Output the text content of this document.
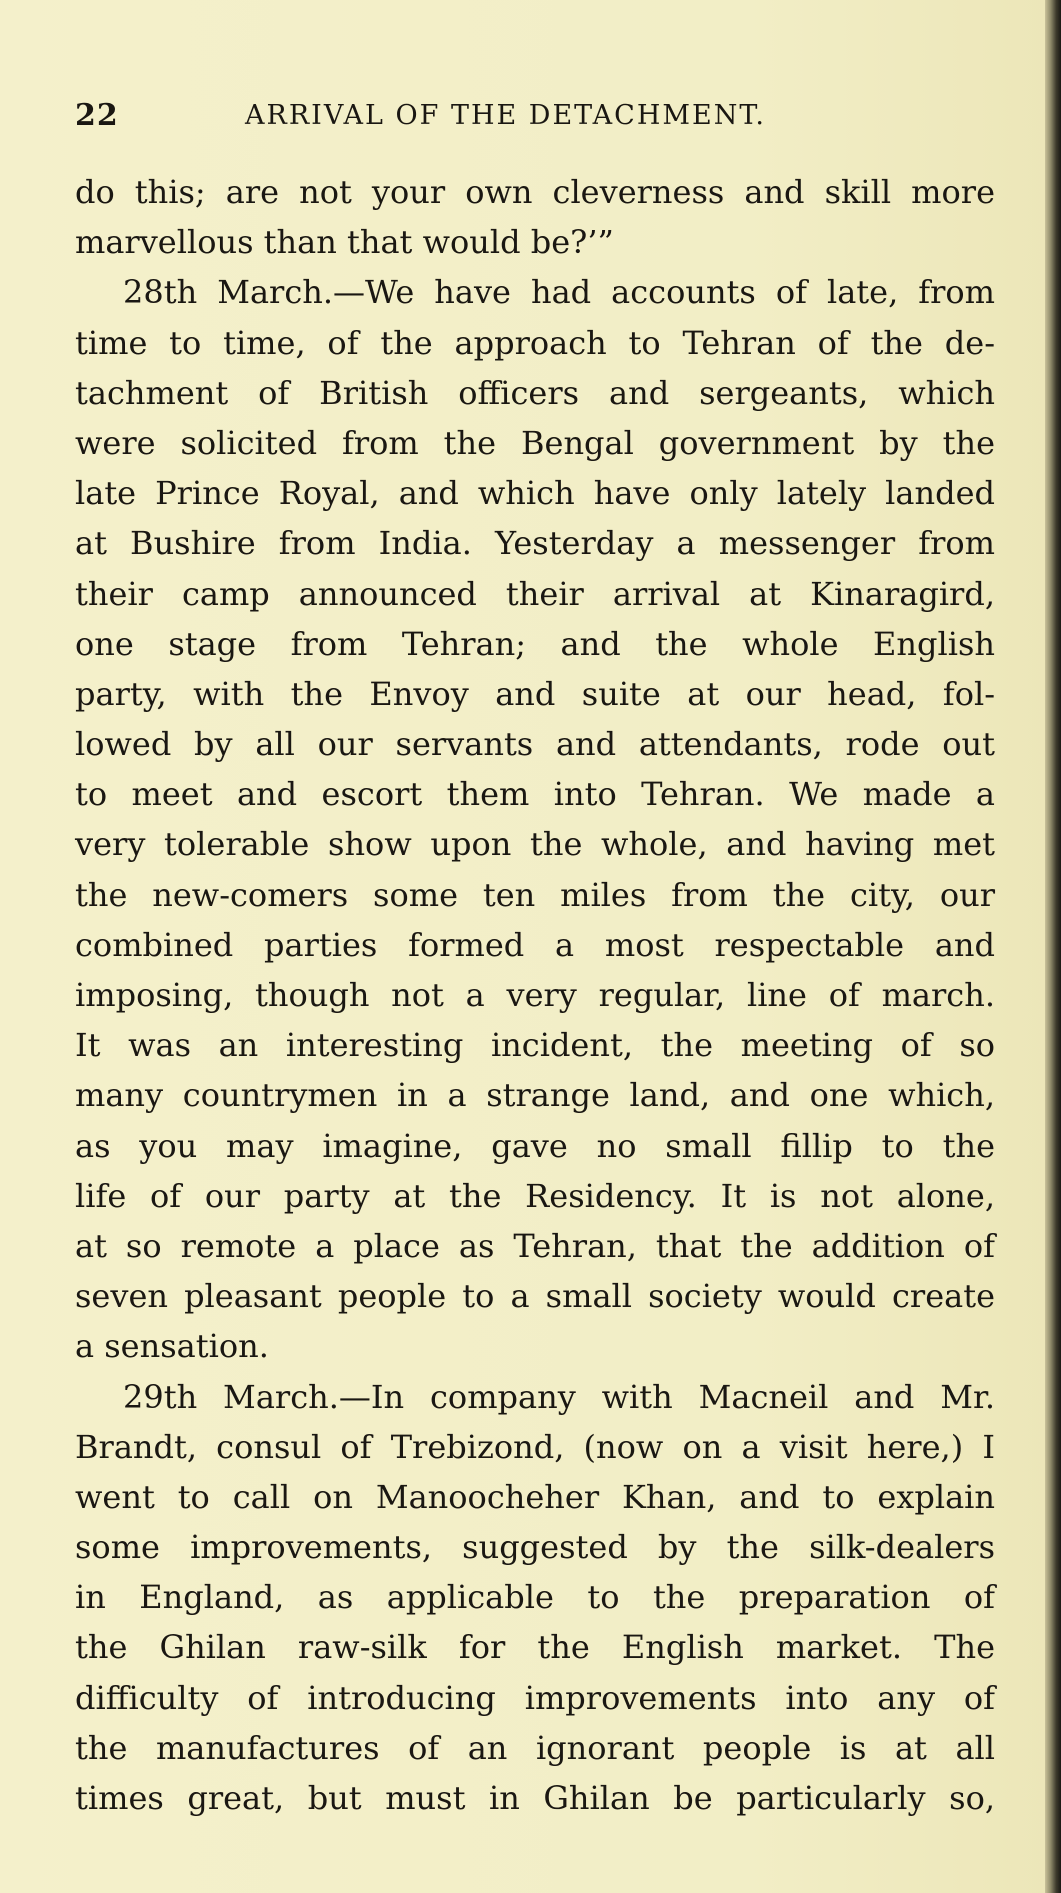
22	ARRIVAL OF THE DETACHMENT.
do this; are not your own cleverness and skill more
marvellous than that would be?’”
28th March.—We have had accounts of late, from
time to time, of the approach to Tehran of the de-
tachment of British officers and sergeants, which
were solicited from the Bengal government by the
late Prince Royal, and which have only lately landed
at Bushire from India. Yesterday a messenger from
their camp announced their arrival at Kinaragird,
one stage from Tehran; and the whole English
party, with the Envoy and suite at our head, fol-
lowed by all our servants and attendants, rode out
to meet and escort them into Tehran. We made a
very tolerable show upon the whole, and having met
the new-comers some ten miles from the city, our
combined parties formed a most respectable and
imposing, though not a very regular, line of march.
It was an interesting incident, the meeting of so
many countrymen in a strange land, and one which,
as you may imagine, gave no small fillip to the
life of our party at the Residency. It is not alone,
at so remote a place as Tehran, that the addition of
seven pleasant people to a small society would create
a sensation.
29th March.—In company with Macneil and Mr.
Brandt, consul of Trebizond, (now on a visit here,) I
went to call on Manoocheher Khan, and to explain
some improvements, suggested by the silk-dealers
in England, as applicable to the preparation of
the Ghilan raw-silk for the English market. The
difficulty of introducing improvements into any of
the manufactures of an ignorant people is at all
times great, but must in Ghilan be particularly so,
